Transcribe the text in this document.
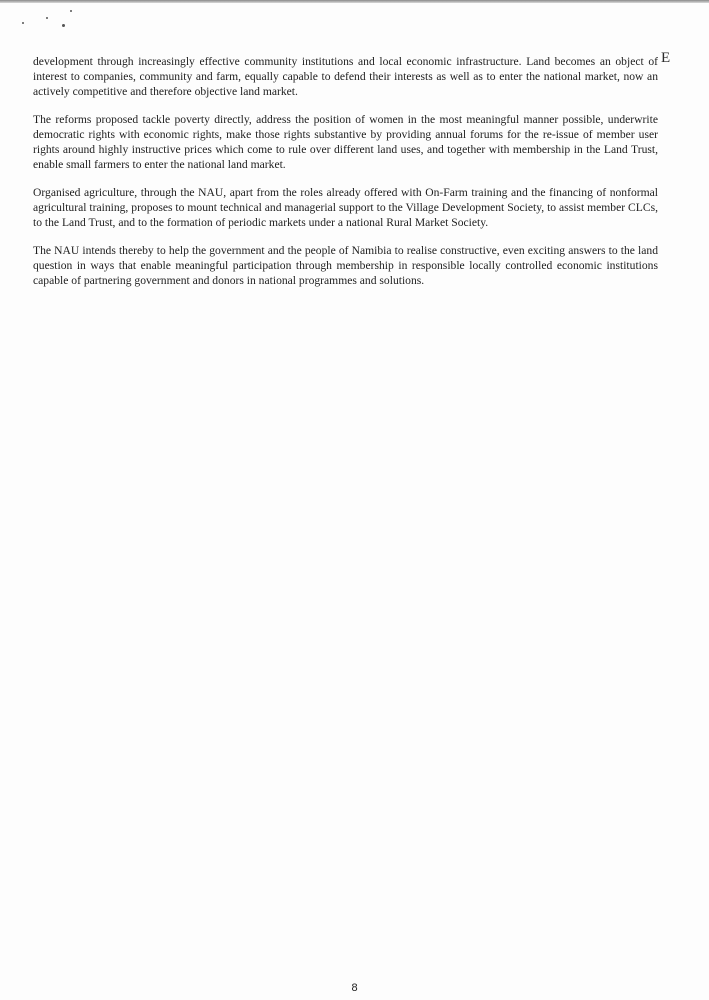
E

development through increasingly effective community institutions and local economic infrastructure. Land becomes an object of interest to companies, community and farm, equally capable to defend their interests as well as to enter the national market, now an actively competitive and therefore objective land market.

The reforms proposed tackle poverty directly, address the position of women in the most meaningful manner possible, underwrite democratic rights with economic rights, make those rights substantive by providing annual forums for the re-issue of member user rights around highly instructive prices which come to rule over different land uses, and together with membership in the Land Trust, enable small farmers to enter the national land market.

Organised agriculture, through the NAU, apart from the roles already offered with On-Farm training and the financing of nonformal agricultural training, proposes to mount technical and managerial support to the Village Development Society, to assist member CLCs, to the Land Trust, and to the formation of periodic markets under a national Rural Market Society.

The NAU intends thereby to help the government and the people of Namibia to realise constructive, even exciting answers to the land question in ways that enable meaningful participation through membership in responsible locally controlled economic institutions capable of partnering government and donors in national programmes and solutions.

8
